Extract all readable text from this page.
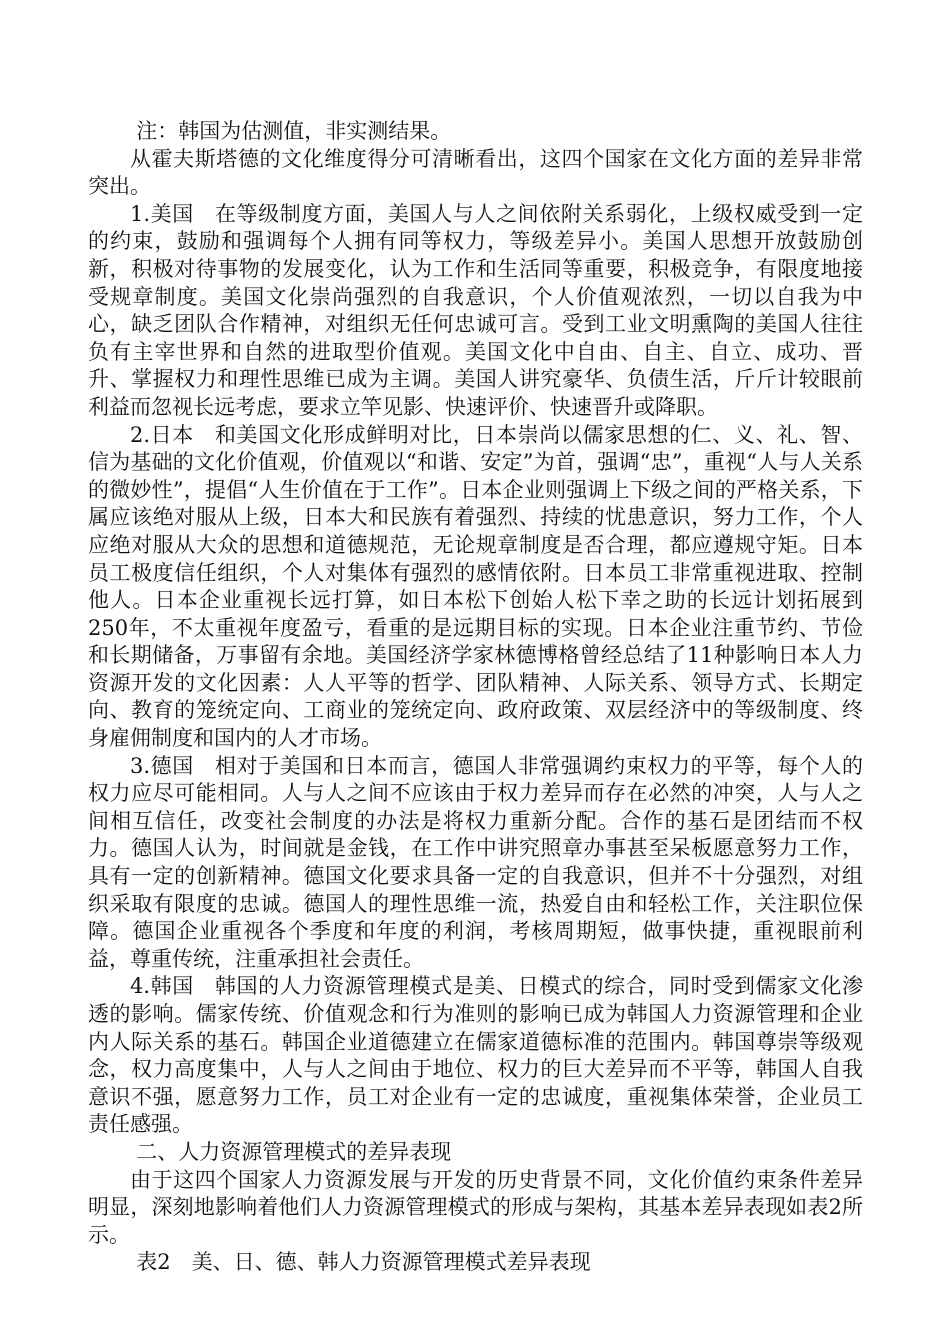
注：韩国为估测值，非实测结果。

从霍夫斯塔德的文化维度得分可清晰看出，这四个国家在文化方面的差异非常突出。

1.美国 在等级制度方面，美国人与人之间依附关系弱化，上级权威受到一定的约束，鼓励和强调每个人拥有同等权力，等级差异小。美国人思想开放鼓励创新，积极对待事物的发展变化，认为工作和生活同等重要，积极竞争，有限度地接受规章制度。美国文化崇尚强烈的自我意识，个人价值观浓烈，一切以自我为中心，缺乏团队合作精神，对组织无任何忠诚可言。受到工业文明熏陶的美国人往往负有主宰世界和自然的进取型价值观。美国文化中自由、自主、自立、成功、晋升、掌握权力和理性思维已成为主调。美国人讲究豪华、负债生活，斤斤计较眼前利益而忽视长远考虑，要求立竿见影、快速评价、快速晋升或降职。

2.日本 和美国文化形成鲜明对比，日本崇尚以儒家思想的仁、义、礼、智、信为基础的文化价值观，价值观以“和谐、安定”为首，强调“忠”，重视“人与人关系的微妙性”，提倡“人生价值在于工作”。日本企业则强调上下级之间的严格关系，下属应该绝对服从上级，日本大和民族有着强烈、持续的忧患意识，努力工作，个人应绝对服从大众的思想和道德规范，无论规章制度是否合理，都应遵规守矩。日本员工极度信任组织，个人对集体有强烈的感情依附。日本员工非常重视进取、控制他人。日本企业重视长远打算，如日本松下创始人松下幸之助的长远计划拓展到250年，不太重视年度盈亏，看重的是远期目标的实现。日本企业注重节约、节俭和长期储备，万事留有余地。美国经济学家林德博格曾经总结了11种影响日本人力资源开发的文化因素：人人平等的哲学、团队精神、人际关系、领导方式、长期定向、教育的笼统定向、工商业的笼统定向、政府政策、双层经济中的等级制度、终身雇佣制度和国内的人才市场。

3.德国 相对于美国和日本而言，德国人非常强调约束权力的平等，每个人的权力应尽可能相同。人与人之间不应该由于权力差异而存在必然的冲突，人与人之间相互信任，改变社会制度的办法是将权力重新分配。合作的基石是团结而不权力。德国人认为，时间就是金钱，在工作中讲究照章办事甚至呆板愿意努力工作，具有一定的创新精神。德国文化要求具备一定的自我意识，但并不十分强烈，对组织采取有限度的忠诚。德国人的理性思维一流，热爱自由和轻松工作，关注职位保障。德国企业重视各个季度和年度的利润，考核周期短，做事快捷，重视眼前利益，尊重传统，注重承担社会责任。

4.韩国 韩国的人力资源管理模式是美、日模式的综合，同时受到儒家文化渗透的影响。儒家传统、价值观念和行为准则的影响已成为韩国人力资源管理和企业内人际关系的基石。韩国企业道德建立在儒家道德标准的范围内。韩国尊崇等级观念，权力高度集中，人与人之间由于地位、权力的巨大差异而不平等，韩国人自我意识不强，愿意努力工作，员工对企业有一定的忠诚度，重视集体荣誉，企业员工责任感强。

二、人力资源管理模式的差异表现

由于这四个国家人力资源发展与开发的历史背景不同，文化价值约束条件差异明显，深刻地影响着他们人力资源管理模式的形成与架构，其基本差异表现如表2所示。

表2　美、日、德、韩人力资源管理模式差异表现
